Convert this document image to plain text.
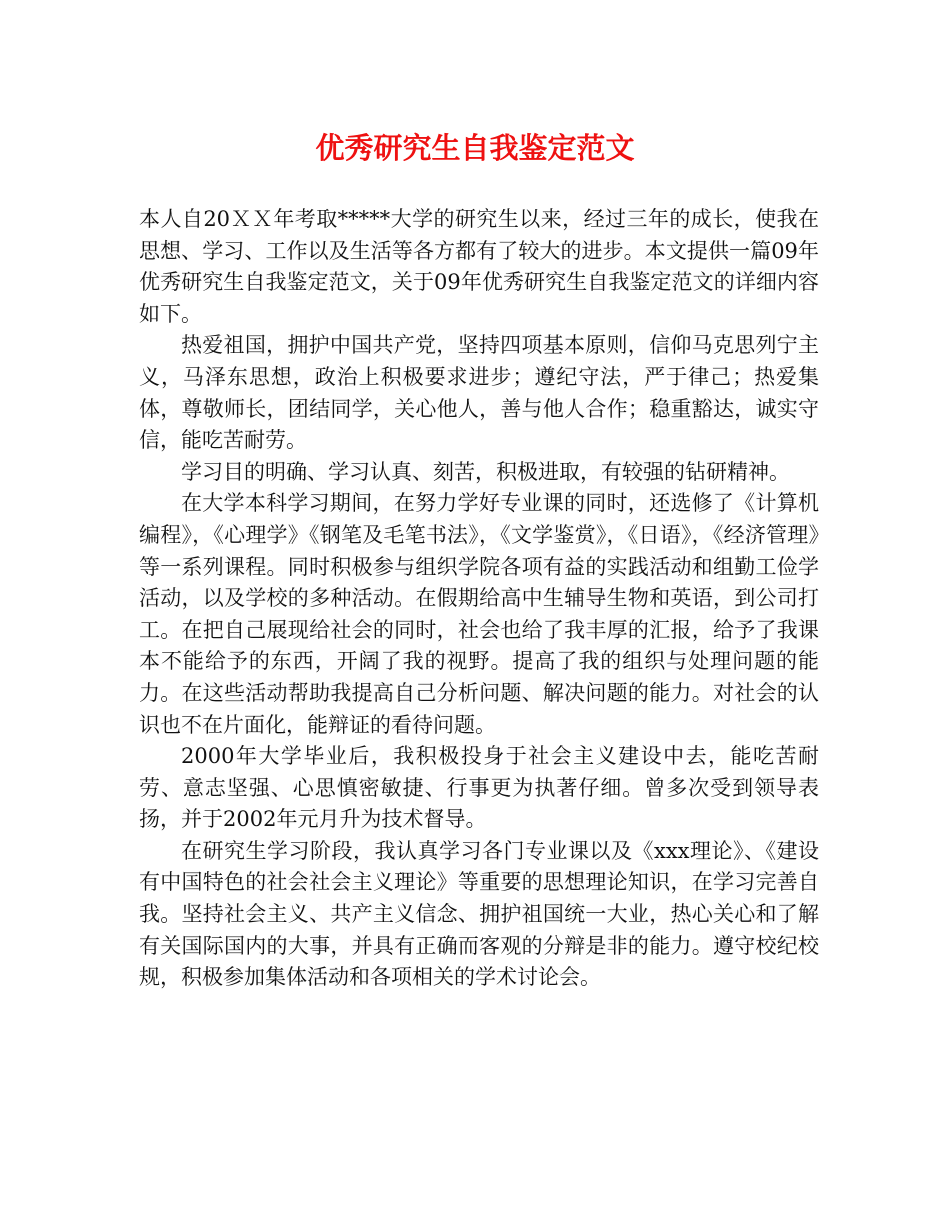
优秀研究生自我鉴定范文

本人自20ＸＸ年考取*****大学的研究生以来，经过三年的成长，使我在思想、学习、工作以及生活等各方都有了较大的进步。本文提供一篇09年优秀研究生自我鉴定范文，关于09年优秀研究生自我鉴定范文的详细内容如下。

热爱祖国，拥护中国共产党，坚持四项基本原则，信仰马克思列宁主义，马泽东思想，政治上积极要求进步；遵纪守法，严于律己；热爱集体，尊敬师长，团结同学，关心他人，善与他人合作；稳重豁达，诚实守信，能吃苦耐劳。

学习目的明确、学习认真、刻苦，积极进取，有较强的钻研精神。

在大学本科学习期间，在努力学好专业课的同时，还选修了《计算机编程》，《心理学》《钢笔及毛笔书法》，《文学鉴赏》，《日语》，《经济管理》等一系列课程。同时积极参与组织学院各项有益的实践活动和组勤工俭学活动，以及学校的多种活动。在假期给高中生辅导生物和英语，到公司打工。在把自己展现给社会的同时，社会也给了我丰厚的汇报，给予了我课本不能给予的东西，开阔了我的视野。提高了我的组织与处理问题的能力。在这些活动帮助我提高自己分析问题、解决问题的能力。对社会的认识也不在片面化，能辩证的看待问题。

2000年大学毕业后，我积极投身于社会主义建设中去，能吃苦耐劳、意志坚强、心思慎密敏捷、行事更为执著仔细。曾多次受到领导表扬，并于2002年元月升为技术督导。

在研究生学习阶段，我认真学习各门专业课以及《xxx理论》、《建设有中国特色的社会社会主义理论》等重要的思想理论知识，在学习完善自我。坚持社会主义、共产主义信念、拥护祖国统一大业，热心关心和了解有关国际国内的大事，并具有正确而客观的分辩是非的能力。遵守校纪校规，积极参加集体活动和各项相关的学术讨论会。
